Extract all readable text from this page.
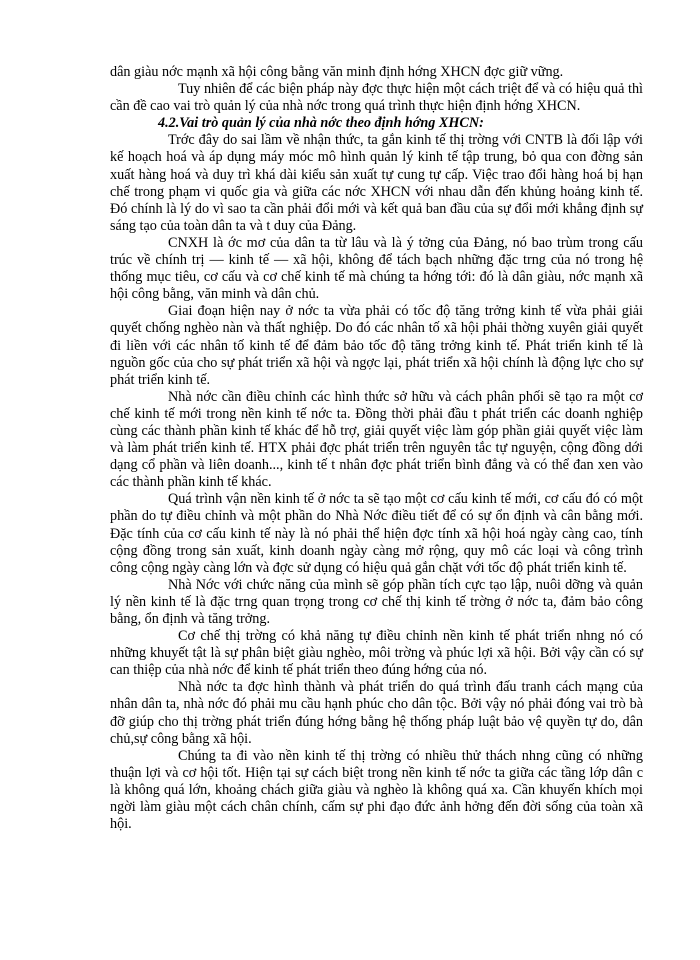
dân giàu nớc mạnh xã hội công bằng văn minh định hớng XHCN đợc giữ vững.

Tuy nhiên để các biện pháp này đợc thực hiện một cách triệt để và có hiệu quả thì cần đề cao vai trò quản lý của nhà nớc trong quá trình thực hiện định hớng XHCN.

4.2.Vai trò quản lý của nhà nớc theo định hớng XHCN:

Trớc đây do sai lầm về nhận thức, ta gắn kinh tế thị trờng với CNTB là đối lập với kế hoạch hoá và áp dụng máy móc mô hình quản lý kinh tế tập trung, bỏ qua con đờng sản xuất hàng hoá và duy trì khá dài kiểu sản xuất tự cung tự cấp. Việc trao đổi hàng hoá bị hạn chế trong phạm vi quốc gia và giữa các nớc XHCN với nhau dẫn đến khủng hoảng kinh tế. Đó chính là lý do vì sao ta cần phải đổi mới và kết quả ban đầu của sự đổi mới khẳng định sự sáng tạo của toàn dân ta và t duy của Đảng.

CNXH là ớc mơ của dân ta từ lâu và là ý tởng của Đảng, nó bao trùm trong cấu trúc về chính trị — kinh tế — xã hội, không để tách bạch những đặc trng của nó trong hệ thống mục tiêu, cơ cấu và cơ chế kinh tế mà chúng ta hớng tới: đó là dân giàu, nớc mạnh xã hội công bằng, văn minh và dân chủ.

Giai đoạn hiện nay ở nớc ta vừa phải có tốc độ tăng trởng kinh tế vừa phải giải quyết chống nghèo nàn và thất nghiệp. Do đó các nhân tố xã hội phải thờng xuyên giải quyết đi liền với các nhân tố kinh tế để đảm bảo tốc độ tăng trởng kinh tế. Phát triển kinh tế là nguồn gốc của cho sự phát triển xã hội và ngợc lại, phát triển xã hội chính là động lực cho sự phát triển kinh tế.

Nhà nớc cần điều chỉnh các hình thức sở hữu và cách phân phối sẽ tạo ra một cơ chế kinh tế mới trong nền kinh tế nớc ta. Đồng thời phải đầu t phát triển các doanh nghiệp cùng các thành phần kinh tế khác để hỗ trợ, giải quyết việc làm góp phần giải quyết việc làm và làm phát triển kinh tế. HTX phải đợc phát triển trên nguyên tắc tự nguyện, cộng đồng dới dạng cổ phần và liên doanh..., kinh tế t nhân đợc phát triển bình đẳng và có thể đan xen vào các thành phần kinh tế khác.

Quá trình vận nền kinh tế ở nớc ta sẽ tạo một cơ cấu kinh tế mới, cơ cấu đó có một phần do tự điều chỉnh và một phần do Nhà Nớc điều tiết để có sự ổn định và cân bằng mới. Đặc tính của cơ cấu kinh tế này là nó phải thể hiện đợc tính xã hội hoá ngày càng cao, tính cộng đồng trong sản xuất, kinh doanh ngày càng mở rộng, quy mô các loại và công trình công cộng ngày càng lớn và đợc sử dụng có hiệu quả gắn chặt với tốc độ phát triển kinh tế.

Nhà Nớc với chức năng của mình sẽ góp phần tích cực tạo lập, nuôi dỡng và quản lý nền kinh tế là đặc trng quan trọng trong cơ chế thị kinh tế trờng ở nớc ta, đảm bảo công bằng, ổn định và tăng trởng.

Cơ chế thị trờng có khả năng tự điều chỉnh nền kinh tế phát triển nhng nó có những khuyết tật là sự phân biệt giàu nghèo, môi trờng và phúc lợi xã hội. Bởi vậy cần có sự can thiệp của nhà nớc để kinh tế phát triển theo đúng hớng của nó.

Nhà nớc ta đợc hình thành và phát triển do quá trình đấu tranh cách mạng của nhân dân ta, nhà nớc đó phải mu cầu hạnh phúc cho dân tộc. Bởi vậy nó phải đóng vai trò bà đỡ giúp cho thị trờng phát triển đúng hớng bằng hệ thống pháp luật bảo vệ quyền tự do, dân chủ,sự công bằng xã hội.

Chúng ta đi vào nền kinh tế thị trờng có nhiều thử thách nhng cũng có những thuận lợi và cơ hội tốt. Hiện tại sự cách biệt trong nền kinh tế nớc ta giữa các tầng lớp dân c là không quá lớn, khoảng chách giữa giàu và nghèo là không quá xa. Cần khuyến khích mọi ngời làm giàu một cách chân chính, cấm sự phi đạo đức ảnh hởng đến đời sống của toàn xã hội.
